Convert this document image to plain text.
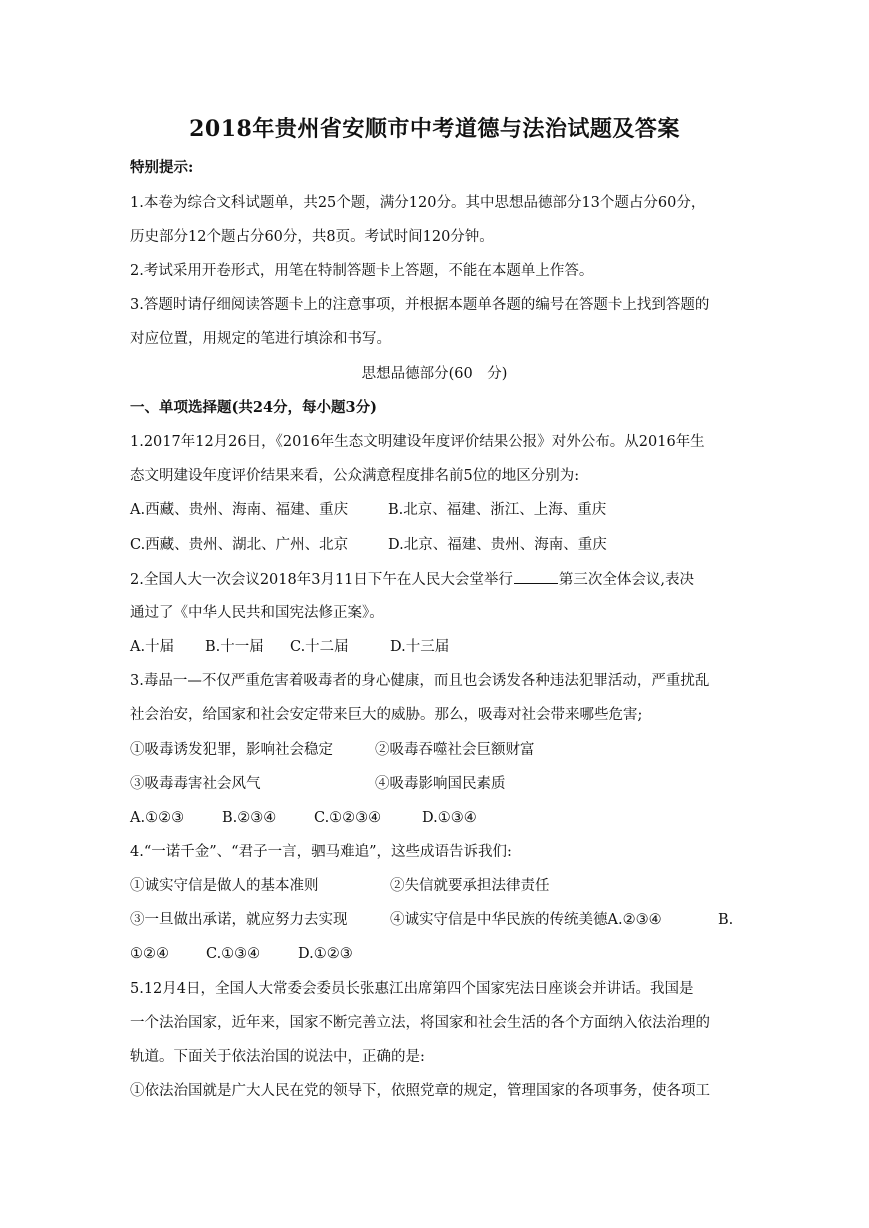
2018年贵州省安顺市中考道德与法治试题及答案
特别提示:
1.本卷为综合文科试题单，共25个题，满分120分。其中思想品德部分13个题占分60分，
历史部分12个题占分60分，共8页。考试时间120分钟。
2.考试采用开卷形式，用笔在特制答题卡上答题，不能在本题单上作答。
3.答题时请仔细阅读答题卡上的注意事项，并根据本题单各题的编号在答题卡上找到答题的
对应位置，用规定的笔进行填涂和书写。
思想品德部分(60　分)
一、单项选择题(共24分，每小题3分)
1.2017年12月26日，《2016年生态文明建设年度评价结果公报》对外公布。从2016年生
态文明建设年度评价结果来看，公众满意程度排名前5位的地区分别为:
A.西藏、贵州、海南、福建、重庆	B.北京、福建、浙江、上海、重庆
C.西藏、贵州、湖北、广州、北京	D.北京、福建、贵州、海南、重庆
2.全国人大一次会议2018年3月11日下午在人民大会堂举行	第三次全体会议,表决
通过了《中华人民共和国宪法修正案》。
A.十届 B.十一届 C.十二届	D.十三届
3.毒品一—不仅严重危害着吸毒者的身心健康，而且也会诱发各种违法犯罪活动，严重扰乱
社会治安，给国家和社会安定带来巨大的威胁。那么，吸毒对社会带来哪些危害;
①吸毒诱发犯罪，影响社会稳定	②吸毒吞噬社会巨额财富
③吸毒毒害社会风气	④吸毒影响国民素质
A.①②③	B.②③④	C.①②③④	D.①③④
4.“一诺千金”、“君子一言，驷马难追”，这些成语告诉我们:
①诚实守信是做人的基本准则	②失信就要承担法律责任
③一旦做出承诺，就应努力去实现	④诚实守信是中华民族的传统美德A.②③④	B.
①②④	C.①③④	D.①②③
5.12月4日，全国人大常委会委员长张惠江出席第四个国家宪法日座谈会并讲话。我国是
一个法治国家，近年来，国家不断完善立法，将国家和社会生活的各个方面纳入依法治理的
轨道。下面关于依法治国的说法中，正确的是:
①依法治国就是广大人民在党的领导下，依照党章的规定，管理国家的各项事务，使各项工
